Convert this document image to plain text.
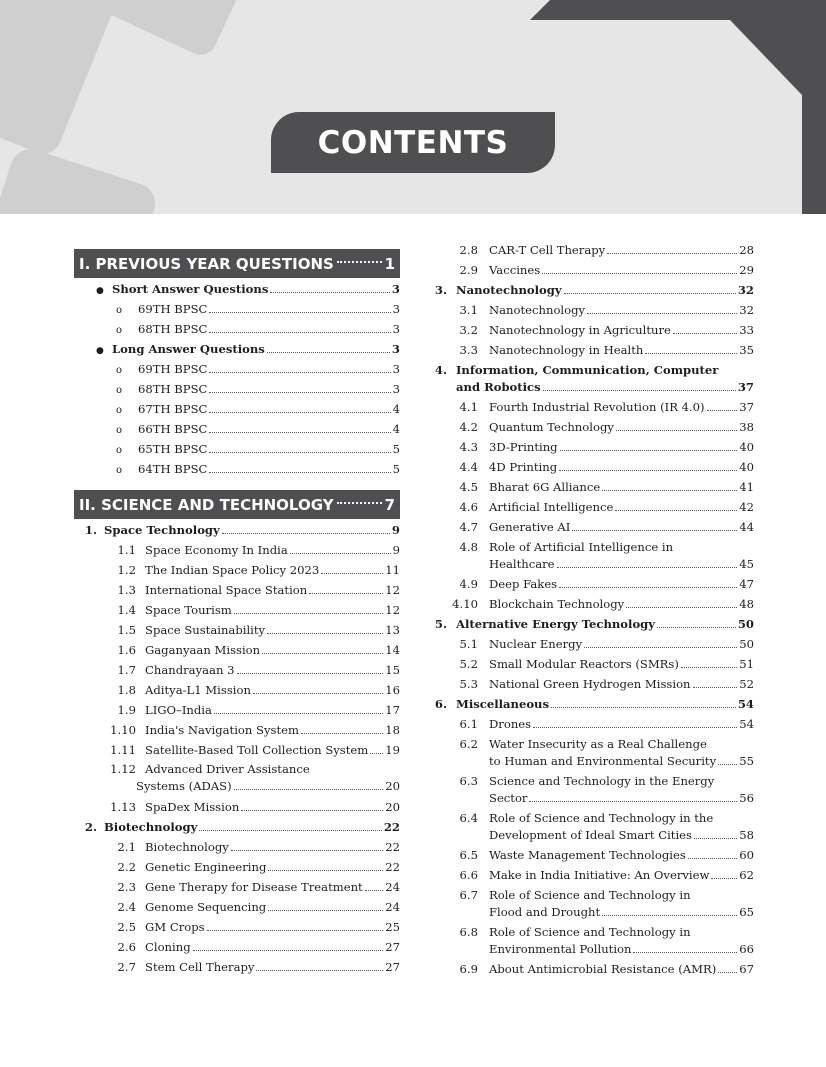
CONTENTS
I. PREVIOUS YEAR QUESTIONS	1
● Short Answer Questions	3
o	69TH BPSC	3
o	68TH BPSC	3
● Long Answer Questions	3
o	69TH BPSC	3
o	68TH BPSC	3
o	67TH BPSC	4
o	66TH BPSC	4
o	65TH BPSC	5
o	64TH BPSC	5
II. SCIENCE AND TECHNOLOGY	7
1. Space Technology	9
1.1 Space Economy In India	9
1.2 The Indian Space Policy 2023	11
1.3 International Space Station	12
1.4 Space Tourism	12
1.5 Space Sustainability	13
1.6 Gaganyaan Mission	14
1.7 Chandrayaan 3	15
1.8 Aditya-L1 Mission	16
1.9 LIGO–India	17
1.10 India's Navigation System	18
1.11 Satellite-Based Toll Collection System 19
1.12 Advanced Driver Assistance
Systems (ADAS)	20
1.13 SpaDex Mission	20
2. Biotechnology	22
2.1 Biotechnology	22
2.2 Genetic Engineering	22
2.3 Gene Therapy for Disease Treatment 24
2.4 Genome Sequencing	24
2.5 GM Crops	25
2.6 Cloning	27
2.7 Stem Cell Therapy	27
2.8 CAR-T Cell Therapy	28
2.9 Vaccines	29
3. Nanotechnology	32
3.1 Nanotechnology	32
3.2 Nanotechnology in Agriculture	33
3.3 Nanotechnology in Health	35
4. Information, Communication, Computer
and Robotics	37
4.1 Fourth Industrial Revolution (IR 4.0)	37
4.2 Quantum Technology	38
4.3 3D-Printing	40
4.4 4D Printing	40
4.5 Bharat 6G Alliance	41
4.6 Artificial Intelligence	42
4.7 Generative AI	44
4.8 Role of Artificial Intelligence in
Healthcare	45
4.9 Deep Fakes	47
4.10 Blockchain Technology	48
5. Alternative Energy Technology	50
5.1 Nuclear Energy	50
5.2 Small Modular Reactors (SMRs)	51
5.3 National Green Hydrogen Mission	52
6. Miscellaneous	54
6.1 Drones	54
6.2 Water Insecurity as a Real Challenge
to Human and Environmental Security 55
6.3 Science and Technology in the Energy
Sector	56
6.4 Role of Science and Technology in the
Development of Ideal Smart Cities	58
6.5 Waste Management Technologies	60
6.6 Make in India Initiative: An Overview	62
6.7 Role of Science and Technology in
Flood and Drought	65
6.8 Role of Science and Technology in
Environmental Pollution	66
6.9 About Antimicrobial Resistance (AMR) 67
